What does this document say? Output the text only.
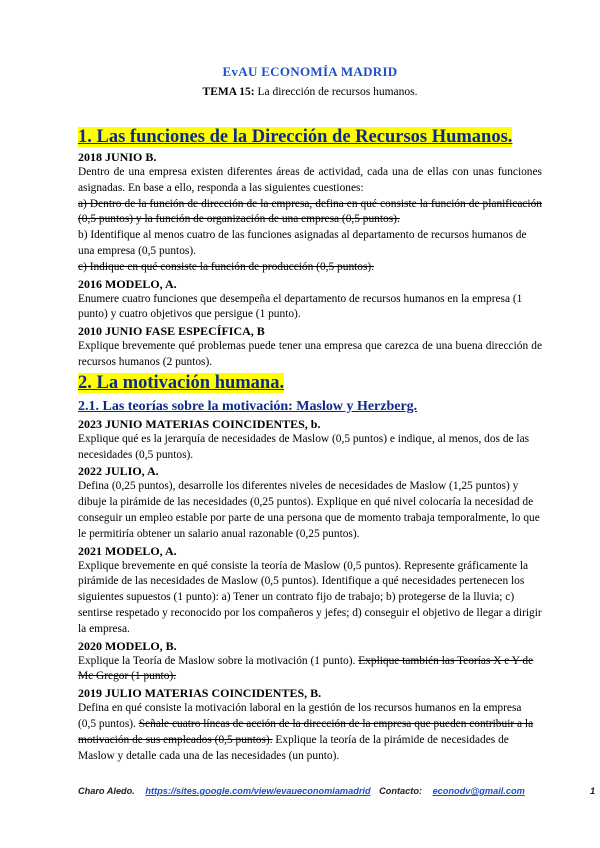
EvAU ECONOMÍA MADRID
TEMA 15: La dirección de recursos humanos.
1. Las funciones de la Dirección de Recursos Humanos.
2018 JUNIO B.

Dentro de una empresa existen diferentes áreas de actividad, cada una de ellas con unas funciones asignadas. En base a ello, responda a las siguientes cuestiones:

a) Dentro de la función de dirección de la empresa, defina en qué consiste la función de planificación (0,5 puntos) y la función de organización de una empresa (0,5 puntos).

b) Identifique al menos cuatro de las funciones asignadas al departamento de recursos humanos de una empresa (0,5 puntos).

c) Indique en qué consiste la función de producción (0,5 puntos).

2016 MODELO, A.

Enumere cuatro funciones que desempeña el departamento de recursos humanos en la empresa (1 punto) y cuatro objetivos que persigue (1 punto).

2010 JUNIO FASE ESPECÍFICA, B

Explique brevemente qué problemas puede tener una empresa que carezca de una buena dirección de recursos humanos (2 puntos).

2. La motivación humana.
2.1. Las teorías sobre la motivación: Maslow y Herzberg.
2023 JUNIO MATERIAS COINCIDENTES, b.

Explique qué es la jerarquía de necesidades de Maslow (0,5 puntos) e indique, al menos, dos de las necesidades (0,5 puntos).

2022 JULIO, A.

Defina (0,25 puntos), desarrolle los diferentes niveles de necesidades de Maslow (1,25 puntos) y dibuje la pirámide de las necesidades (0,25 puntos). Explique en qué nivel colocaría la necesidad de conseguir un empleo estable por parte de una persona que de momento trabaja temporalmente, lo que le permitiría obtener un salario anual razonable (0,25 puntos).

2021 MODELO, A.

Explique brevemente en qué consiste la teoría de Maslow (0,5 puntos). Represente gráficamente la pirámide de las necesidades de Maslow (0,5 puntos). Identifique a qué necesidades pertenecen los siguientes supuestos (1 punto): a) Tener un contrato fijo de trabajo; b) protegerse de la lluvia; c) sentirse respetado y reconocido por los compañeros y jefes; d) conseguir el objetivo de llegar a dirigir la empresa.

2020 MODELO, B.

Explique la Teoría de Maslow sobre la motivación (1 punto). Explique también las Teorías X e Y de Mc Gregor (1 punto).

2019 JULIO MATERIAS COINCIDENTES, B.

Defina en qué consiste la motivación laboral en la gestión de los recursos humanos en la empresa (0,5 puntos). Señale cuatro líneas de acción de la dirección de la empresa que pueden contribuir a la motivación de sus empleados (0,5 puntos). Explique la teoría de la pirámide de necesidades de Maslow y detalle cada una de las necesidades (un punto).

Charo Aledo. https://sites.google.com/view/evaueconomiamadrid Contacto: econodv@gmail.com	1
